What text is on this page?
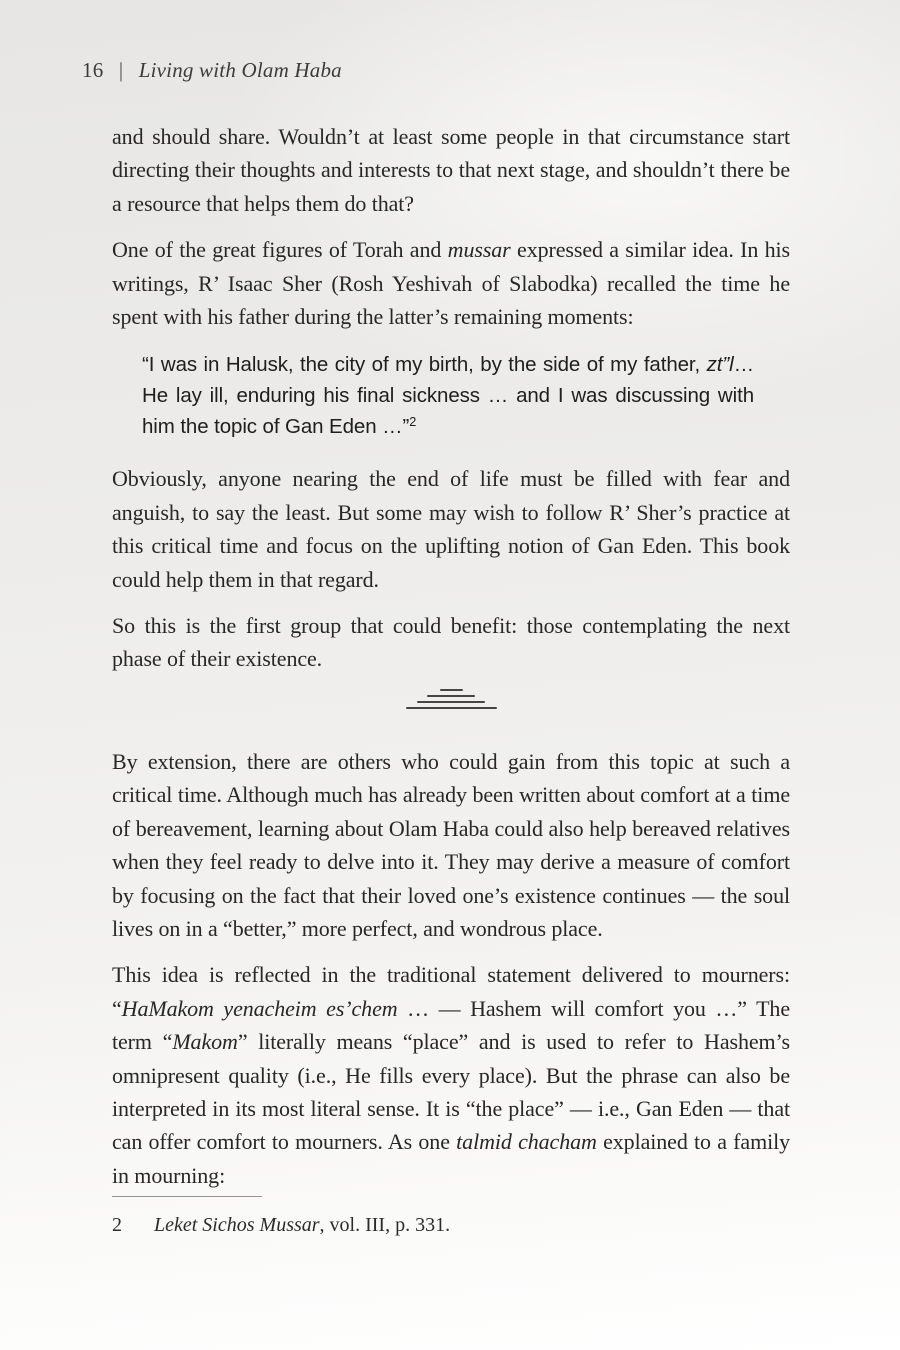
16 | Living with Olam Haba

and should share. Wouldn’t at least some people in that circumstance start directing their thoughts and interests to that next stage, and shouldn’t there be a resource that helps them do that?

One of the great figures of Torah and mussar expressed a similar idea. In his writings, R’ Isaac Sher (Rosh Yeshivah of Slabodka) recalled the time he spent with his father during the latter’s remaining moments:

“I was in Halusk, the city of my birth, by the side of my father, zt”l… He lay ill, enduring his final sickness … and I was discussing with him the topic of Gan Eden …”$^2$

Obviously, anyone nearing the end of life must be filled with fear and anguish, to say the least. But some may wish to follow R’ Sher’s practice at this critical time and focus on the uplifting notion of Gan Eden. This book could help them in that regard.

So this is the first group that could benefit: those contemplating the next phase of their existence.

By extension, there are others who could gain from this topic at such a critical time. Although much has already been written about comfort at a time of bereavement, learning about Olam Haba could also help bereaved relatives when they feel ready to delve into it. They may derive a measure of comfort by focusing on the fact that their loved one’s existence continues — the soul lives on in a “better,” more perfect, and wondrous place.

This idea is reflected in the traditional statement delivered to mourners: “HaMakom yenacheim es’chem … — Hashem will comfort you …” The term “Makom” literally means “place” and is used to refer to Hashem’s omnipresent quality (i.e., He fills every place). But the phrase can also be interpreted in its most literal sense. It is “the place” — i.e., Gan Eden — that can offer comfort to mourners. As one talmid chacham explained to a family in mourning:

2	Leket Sichos Mussar, vol. III, p. 331.
